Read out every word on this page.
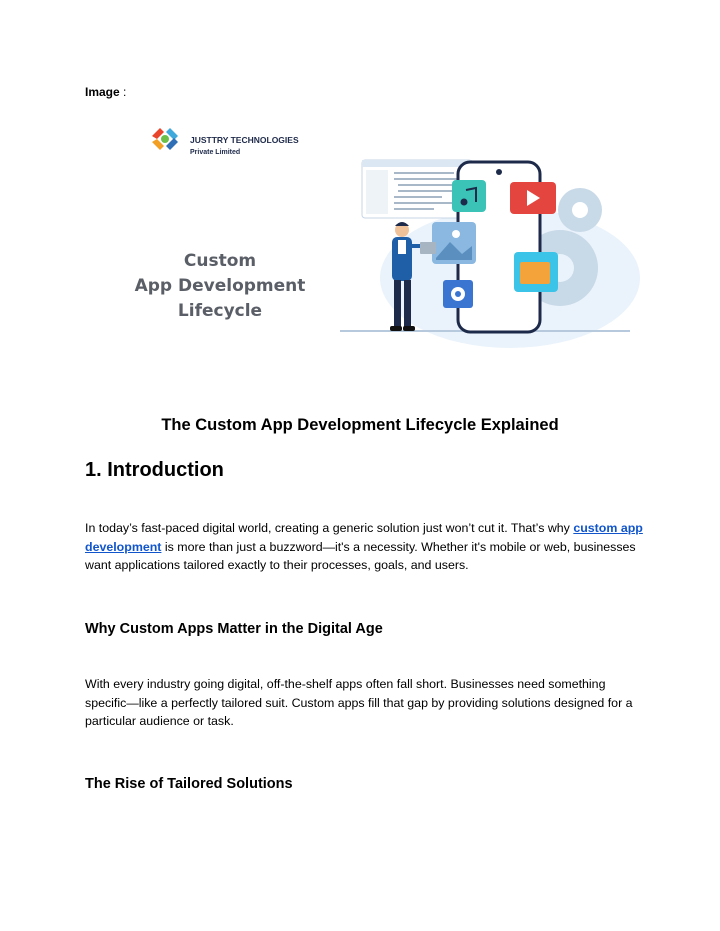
Image :
JUSTTRY TECHNOLOGIES
Private Limited
Custom
App Development
Lifecycle
The Custom App Development Lifecycle Explained
1. Introduction
In today’s fast-paced digital world, creating a generic solution just won’t cut it. That’s why custom app development is more than just a buzzword—it's a necessity. Whether it's mobile or web, businesses want applications tailored exactly to their processes, goals, and users.
Why Custom Apps Matter in the Digital Age
With every industry going digital, off-the-shelf apps often fall short. Businesses need something specific—like a perfectly tailored suit. Custom apps fill that gap by providing solutions designed for a particular audience or task.
The Rise of Tailored Solutions
